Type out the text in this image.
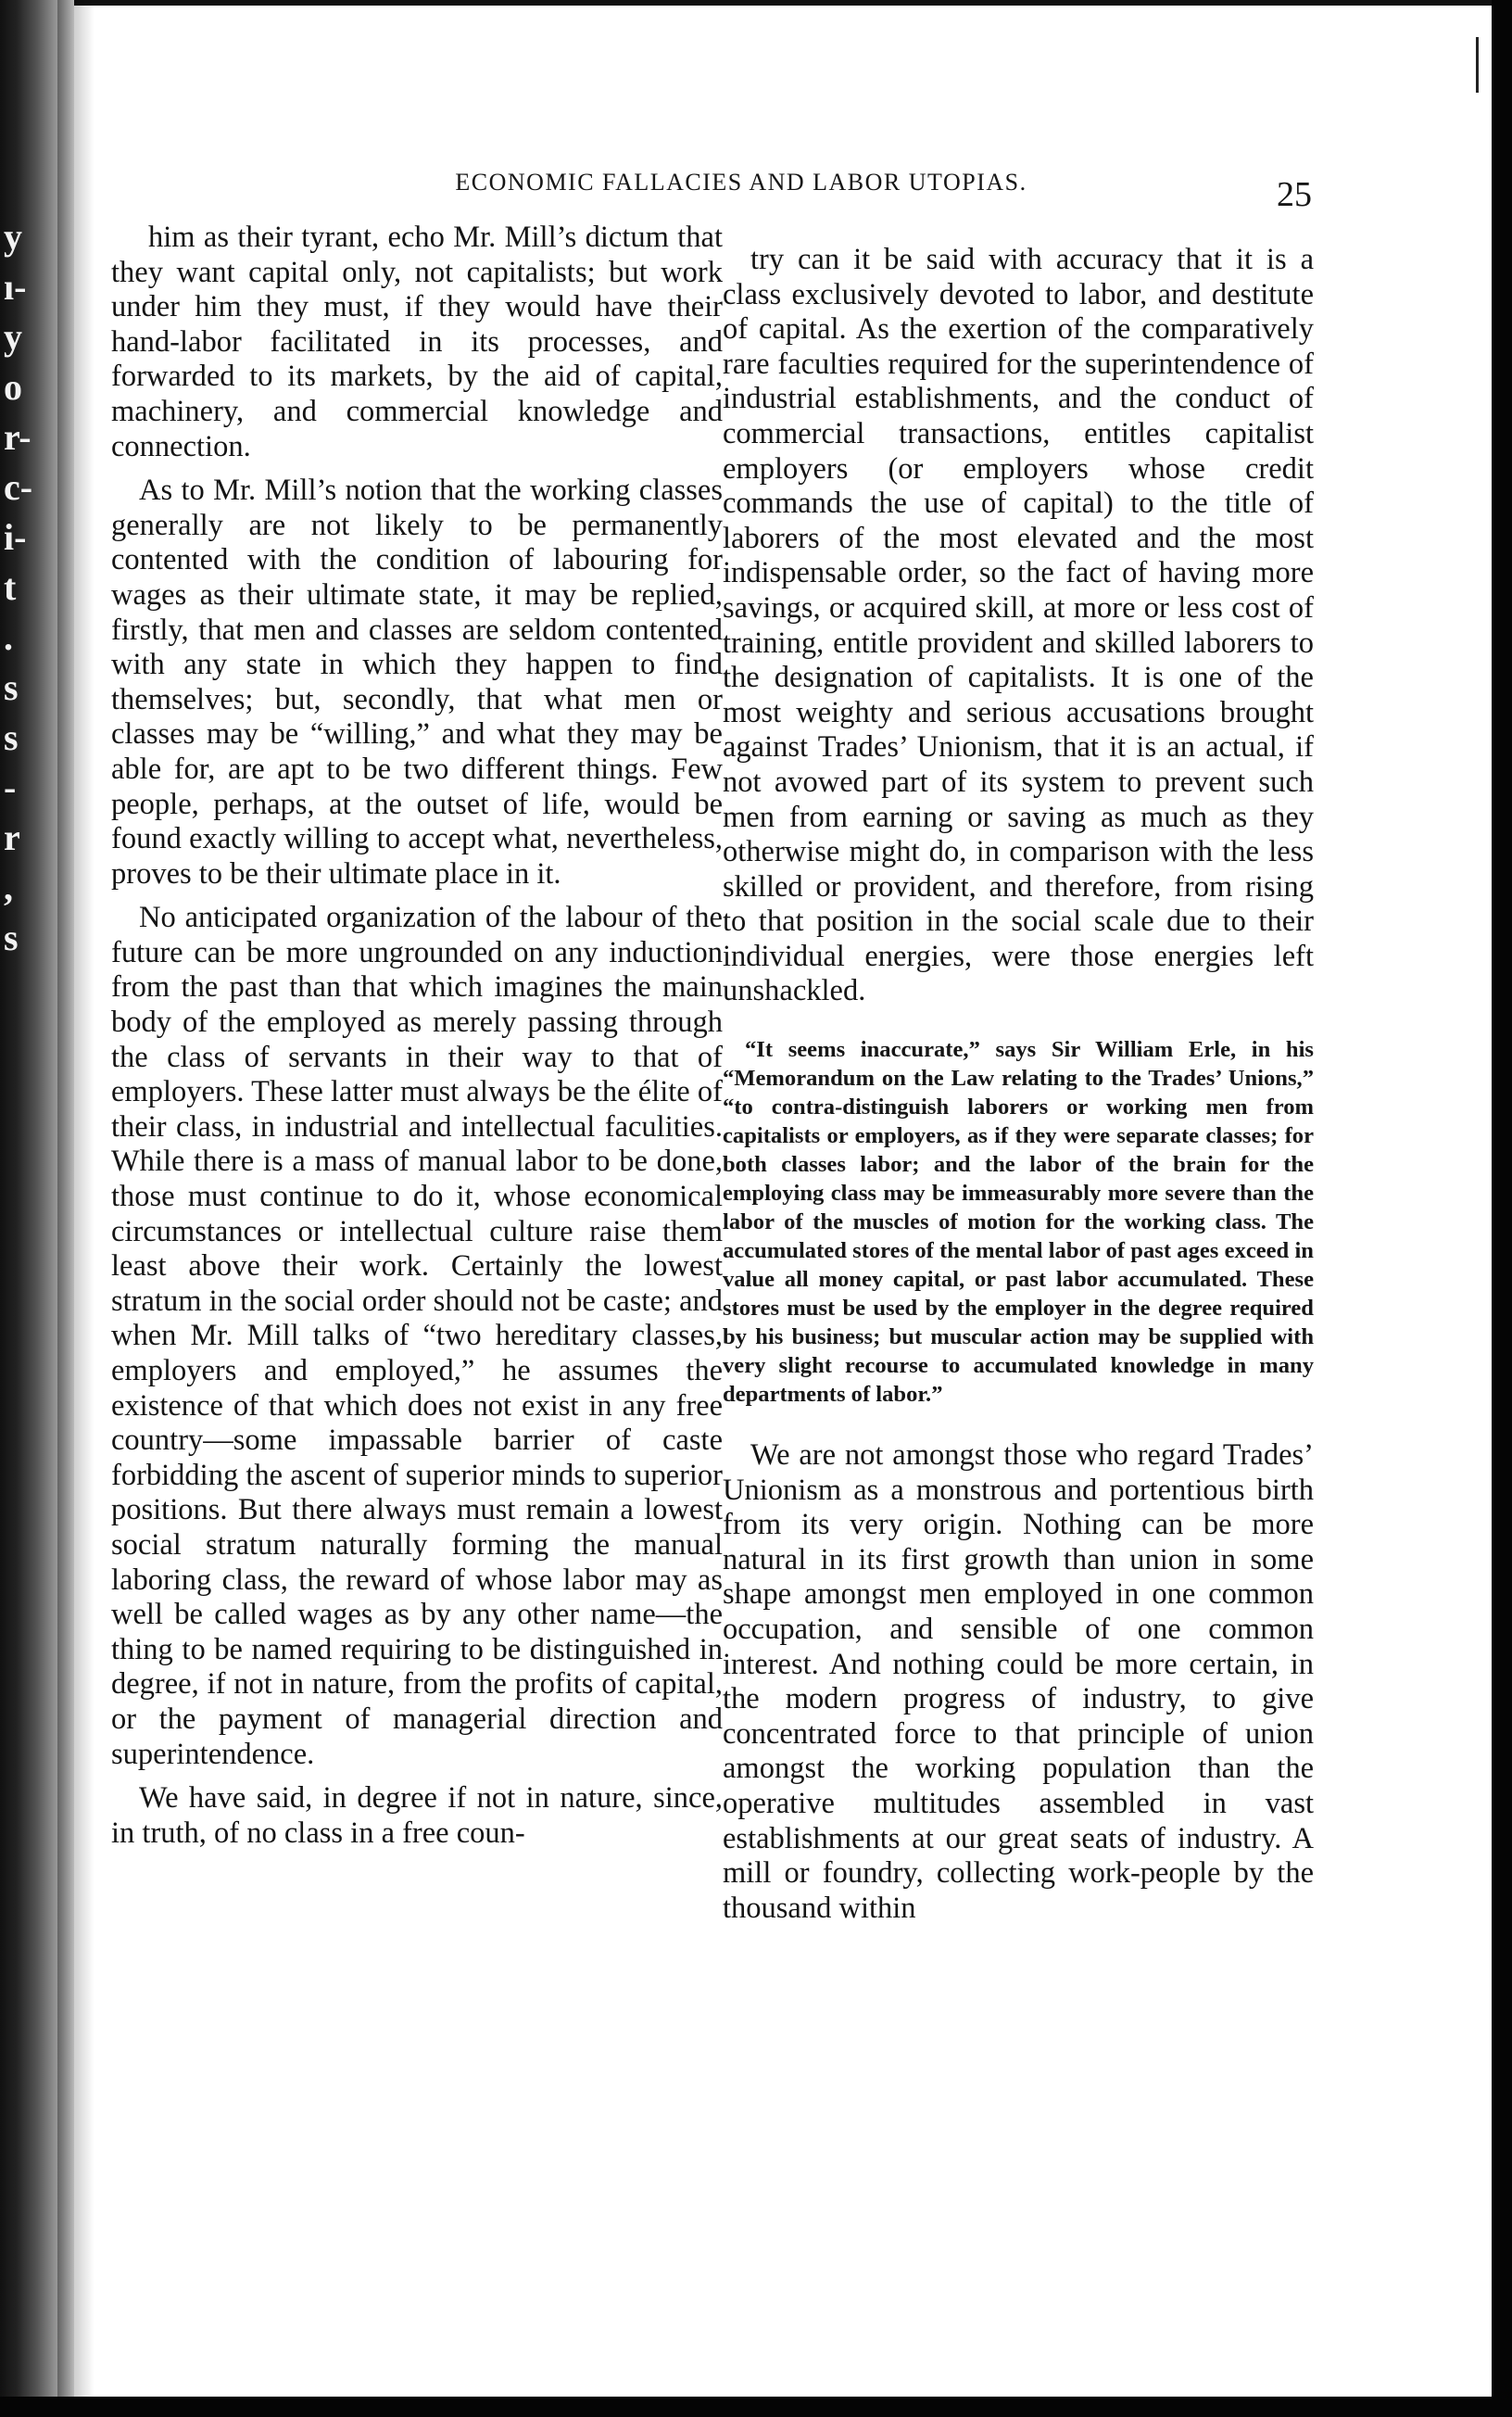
y
ı-
y
o
r-
c-
i-
t
.
s
s
-
r
,
s
ECONOMIC FALLACIES AND LABOR UTOPIAS.	25

him as their tyrant, echo Mr. Mill’s dictum that they want capital only, not capitalists; but work under him they must, if they would have their hand-labor facilitated in its processes, and forwarded to its markets, by the aid of capital, machinery, and commercial knowledge and connection.

As to Mr. Mill’s notion that the working classes generally are not likely to be permanently contented with the condition of labouring for wages as their ultimate state, it may be replied, firstly, that men and classes are seldom contented with any state in which they happen to find themselves; but, secondly, that what men or classes may be “willing,” and what they may be able for, are apt to be two different things. Few people, perhaps, at the outset of life, would be found exactly willing to accept what, nevertheless, proves to be their ultimate place in it.

No anticipated organization of the labour of the future can be more ungrounded on any induction from the past than that which imagines the main body of the employed as merely passing through the class of servants in their way to that of employers. These latter must always be the élite of their class, in industrial and intellectual faculities. While there is a mass of manual labor to be done, those must continue to do it, whose economical circumstances or intellectual culture raise them least above their work. Certainly the lowest stratum in the social order should not be caste; and when Mr. Mill talks of “two hereditary classes, employers and employed,” he assumes the existence of that which does not exist in any free country—some impassable barrier of caste forbidding the ascent of superior minds to superior positions. But there always must remain a lowest social stratum naturally forming the manual laboring class, the reward of whose labor may as well be called wages as by any other name—the thing to be named requiring to be distinguished in degree, if not in nature, from the profits of capital, or the payment of managerial direction and superintendence.

We have said, in degree if not in nature, since, in truth, of no class in a free coun-

try can it be said with accuracy that it is a class exclusively devoted to labor, and destitute of capital. As the exertion of the comparatively rare faculties required for the superintendence of industrial establishments, and the conduct of commercial transactions, entitles capitalist employers (or employers whose credit commands the use of capital) to the title of laborers of the most elevated and the most indispensable order, so the fact of having more savings, or acquired skill, at more or less cost of training, entitle provident and skilled laborers to the designation of capitalists. It is one of the most weighty and serious accusations brought against Trades’ Unionism, that it is an actual, if not avowed part of its system to prevent such men from earning or saving as much as they otherwise might do, in comparison with the less skilled or provident, and therefore, from rising to that position in the social scale due to their individual energies, were those energies left unshackled.

“It seems inaccurate,” says Sir William Erle, in his “Memorandum on the Law relating to the Trades’ Unions,” “to contra-distinguish laborers or working men from capitalists or employers, as if they were separate classes; for both classes labor; and the labor of the brain for the employing class may be immeasurably more severe than the labor of the muscles of motion for the working class. The accumulated stores of the mental labor of past ages exceed in value all money capital, or past labor accumulated. These stores must be used by the employer in the degree required by his business; but muscular action may be supplied with very slight recourse to accumulated knowledge in many departments of labor.”

We are not amongst those who regard Trades’ Unionism as a monstrous and portentious birth from its very origin. Nothing can be more natural in its first growth than union in some shape amongst men employed in one common occupation, and sensible of one common interest. And nothing could be more certain, in the modern progress of industry, to give concentrated force to that principle of union amongst the working population than the operative multitudes assembled in vast establishments at our great seats of industry. A mill or foundry, collecting work-people by the thousand within
